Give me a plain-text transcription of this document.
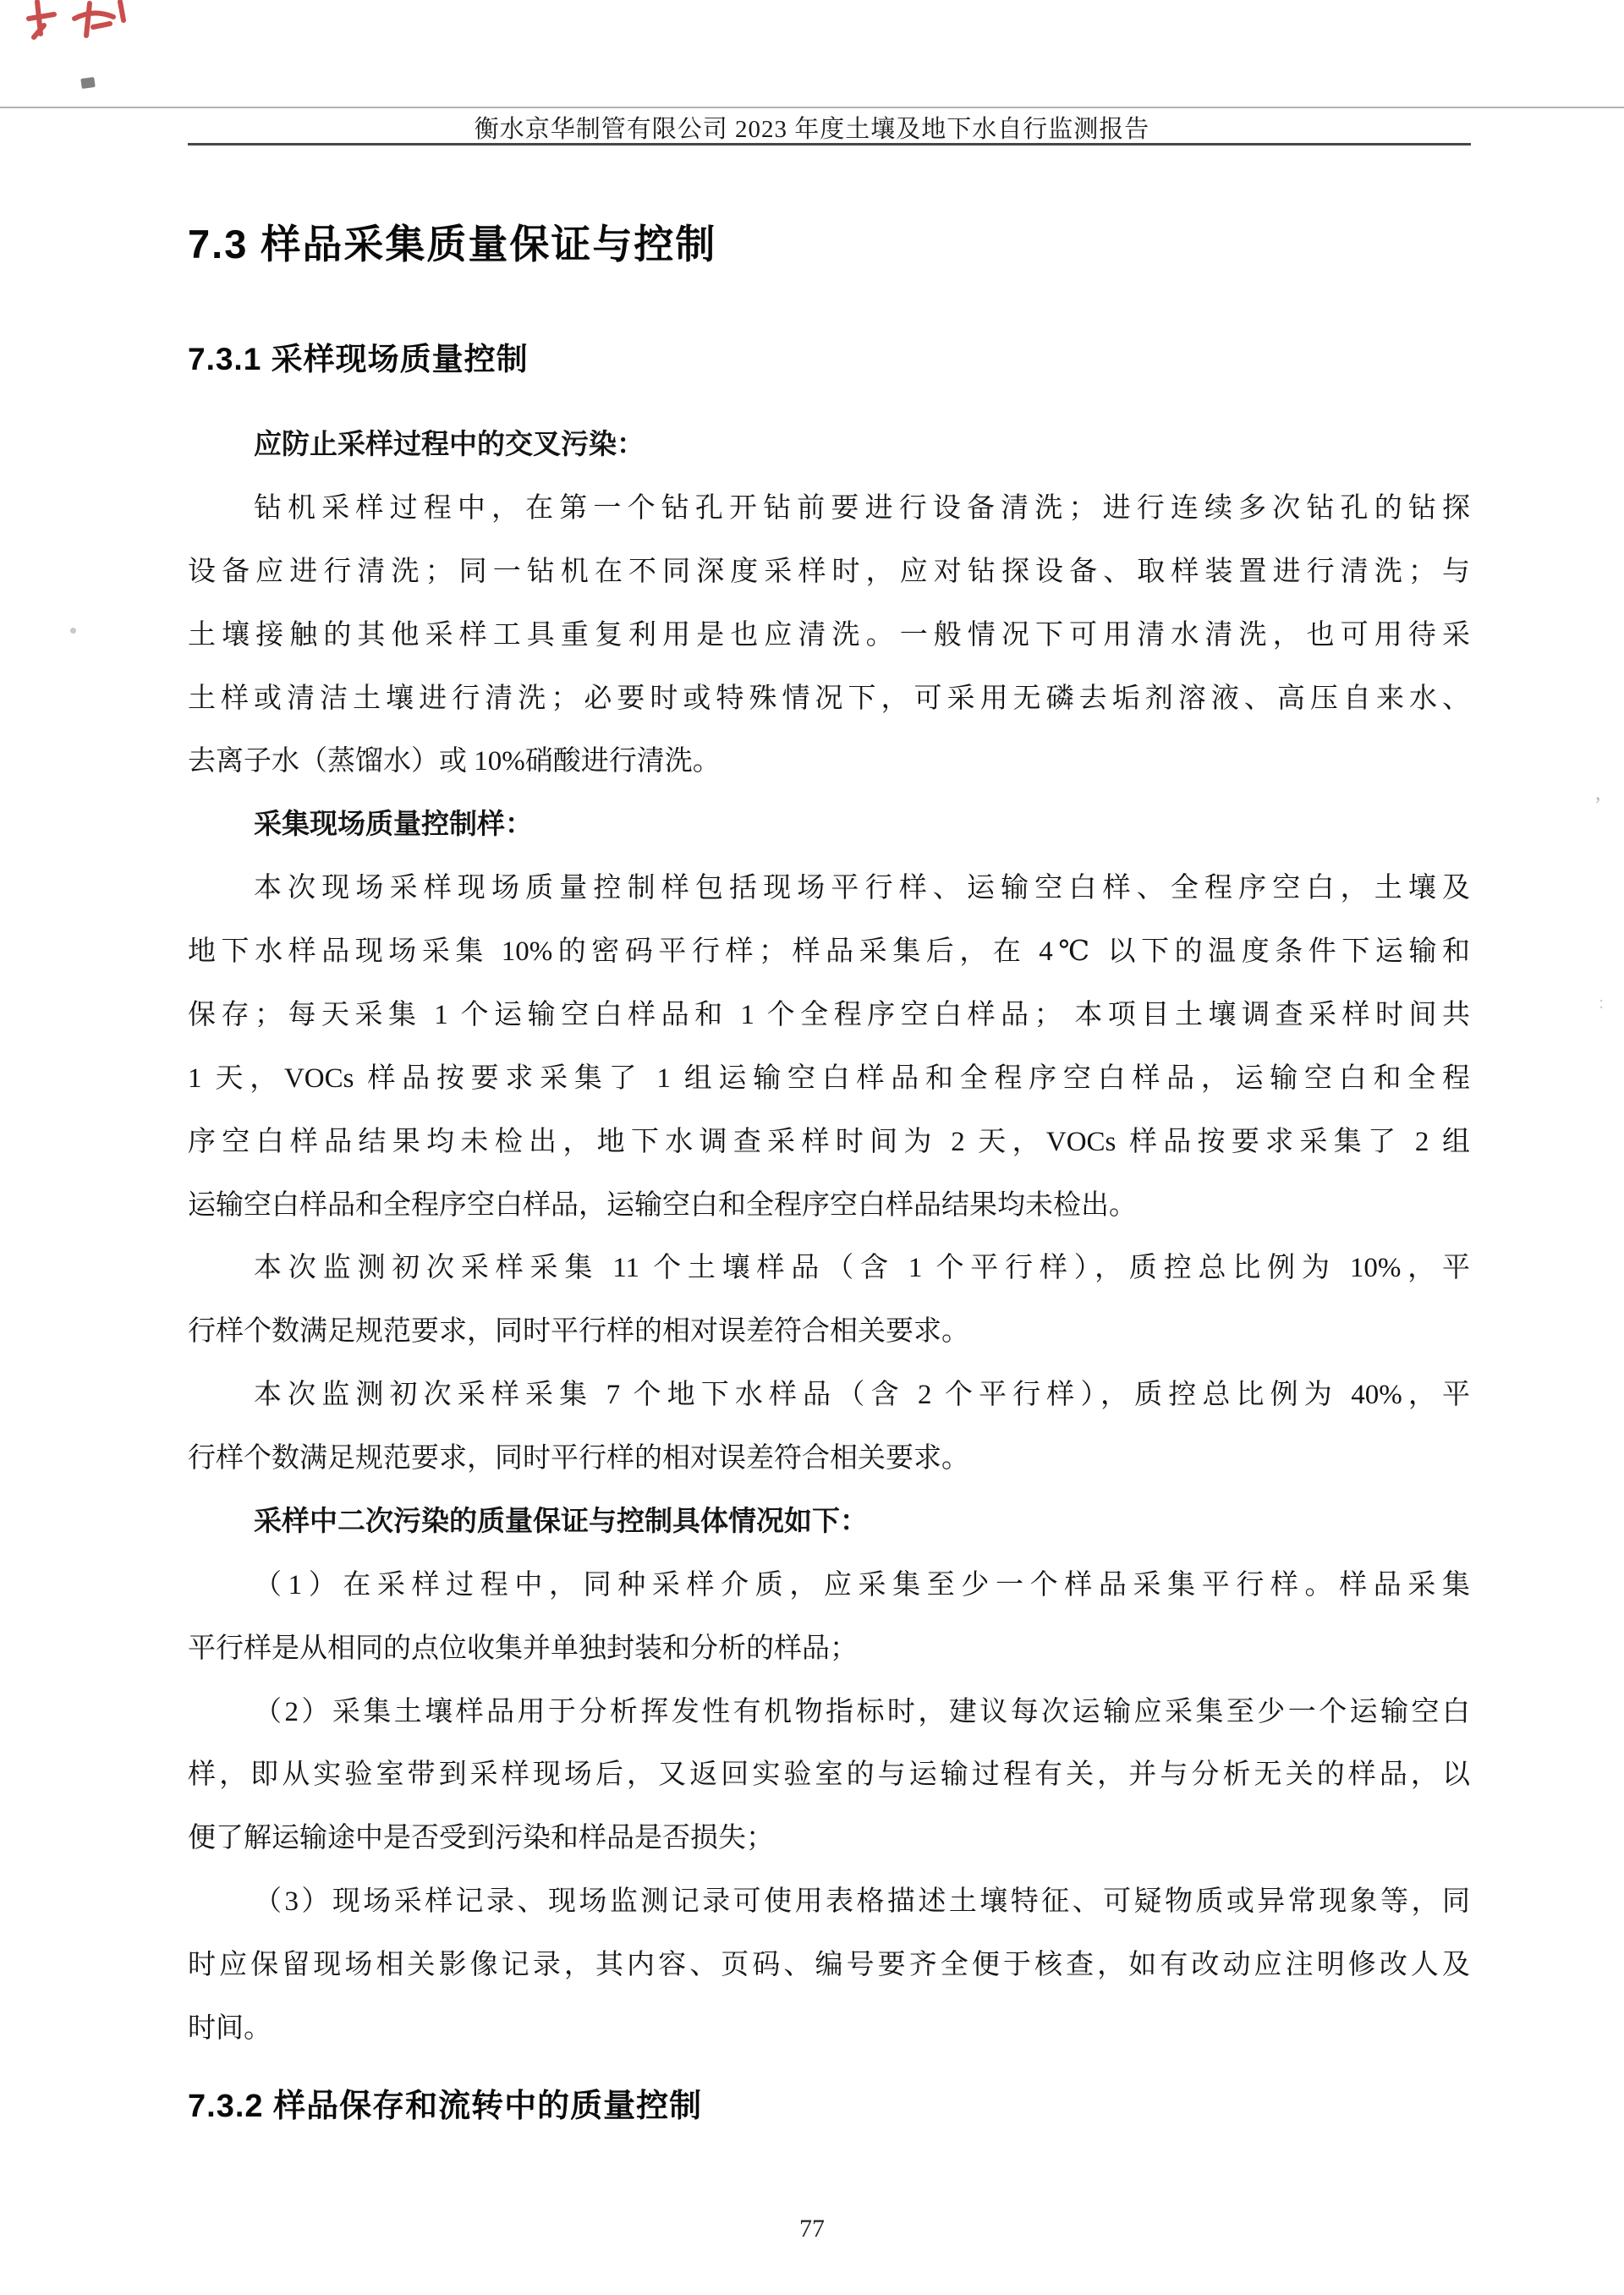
,
:
衡水京华制管有限公司 2023 年度土壤及地下水自行监测报告
7.3 样品采集质量保证与控制
7.3.1 采样现场质量控制
应防止采样过程中的交叉污染：
钻机采样过程中，在第一个钻孔开钻前要进行设备清洗；进行连续多次钻孔的钻探
设备应进行清洗；同一钻机在不同深度采样时，应对钻探设备、取样装置进行清洗；与
土壤接触的其他采样工具重复利用是也应清洗。一般情况下可用清水清洗，也可用待采
土样或清洁土壤进行清洗；必要时或特殊情况下，可采用无磷去垢剂溶液、高压自来水、
去离子水（蒸馏水）或 10%硝酸进行清洗。
采集现场质量控制样：
本次现场采样现场质量控制样包括现场平行样、运输空白样、全程序空白，土壤及
地下水样品现场采集 10%的密码平行样；样品采集后，在 4℃ 以下的温度条件下运输和
保存；每天采集 1 个运输空白样品和 1 个全程序空白样品； 本项目土壤调查采样时间共
1 天，VOCs 样品按要求采集了 1 组运输空白样品和全程序空白样品，运输空白和全程
序空白样品结果均未检出，地下水调查采样时间为 2 天，VOCs 样品按要求采集了 2 组
运输空白样品和全程序空白样品，运输空白和全程序空白样品结果均未检出。
本次监测初次采样采集 11 个土壤样品（含 1 个平行样），质控总比例为 10%，平
行样个数满足规范要求，同时平行样的相对误差符合相关要求。
本次监测初次采样采集 7 个地下水样品（含 2 个平行样），质控总比例为 40%，平
行样个数满足规范要求，同时平行样的相对误差符合相关要求。
采样中二次污染的质量保证与控制具体情况如下：
（1）在采样过程中，同种采样介质，应采集至少一个样品采集平行样。样品采集
平行样是从相同的点位收集并单独封装和分析的样品；
（2）采集土壤样品用于分析挥发性有机物指标时，建议每次运输应采集至少一个运输空白
样，即从实验室带到采样现场后，又返回实验室的与运输过程有关，并与分析无关的样品，以
便了解运输途中是否受到污染和样品是否损失；
（3）现场采样记录、现场监测记录可使用表格描述土壤特征、可疑物质或异常现象等，同
时应保留现场相关影像记录，其内容、页码、编号要齐全便于核查，如有改动应注明修改人及
时间。
7.3.2 样品保存和流转中的质量控制
77
